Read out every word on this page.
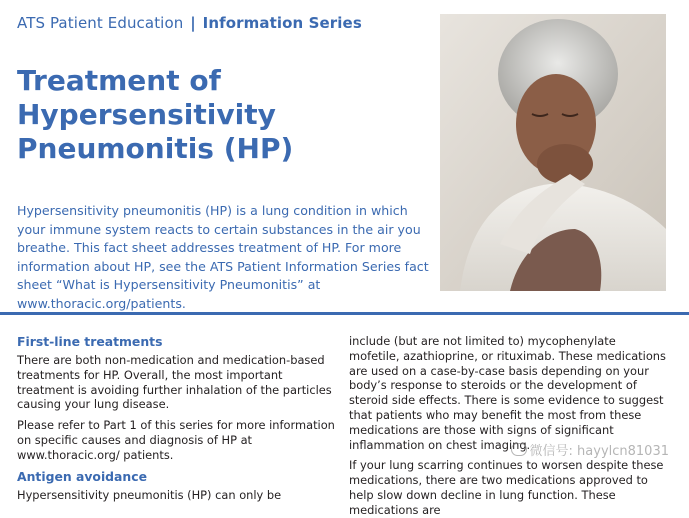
ATS Patient Education | Information Series
Treatment of Hypersensitivity Pneumonitis (HP)
Hypersensitivity pneumonitis (HP) is a lung condition in which your immune system reacts to certain substances in the air you breathe. This fact sheet addresses treatment of HP. For more information about HP, see the ATS Patient Information Series fact sheet “What is Hypersensitivity Pneumonitis” at www.thoracic.org/patients.
First-line treatments

There are both non-medication and medication-based treatments for HP. Overall, the most important treatment is avoiding further inhalation of the particles causing your lung disease.

Please refer to Part 1 of this series for more information on specific causes and diagnosis of HP at www.thoracic.org/ patients.

Antigen avoidance

Hypersensitivity pneumonitis (HP) can only be

include (but are not limited to) mycophenylate mofetile, azathioprine, or rituximab. These medications are used on a case-by-case basis depending on your body’s response to steroids or the development of steroid side effects. There is some evidence to suggest that patients who may benefit the most from these medications are those with signs of significant inflammation on chest imaging.

If your lung scarring continues to worsen despite these medications, there are two medications approved to help slow down decline in lung function. These medications are

微信号: hayylcn81031
